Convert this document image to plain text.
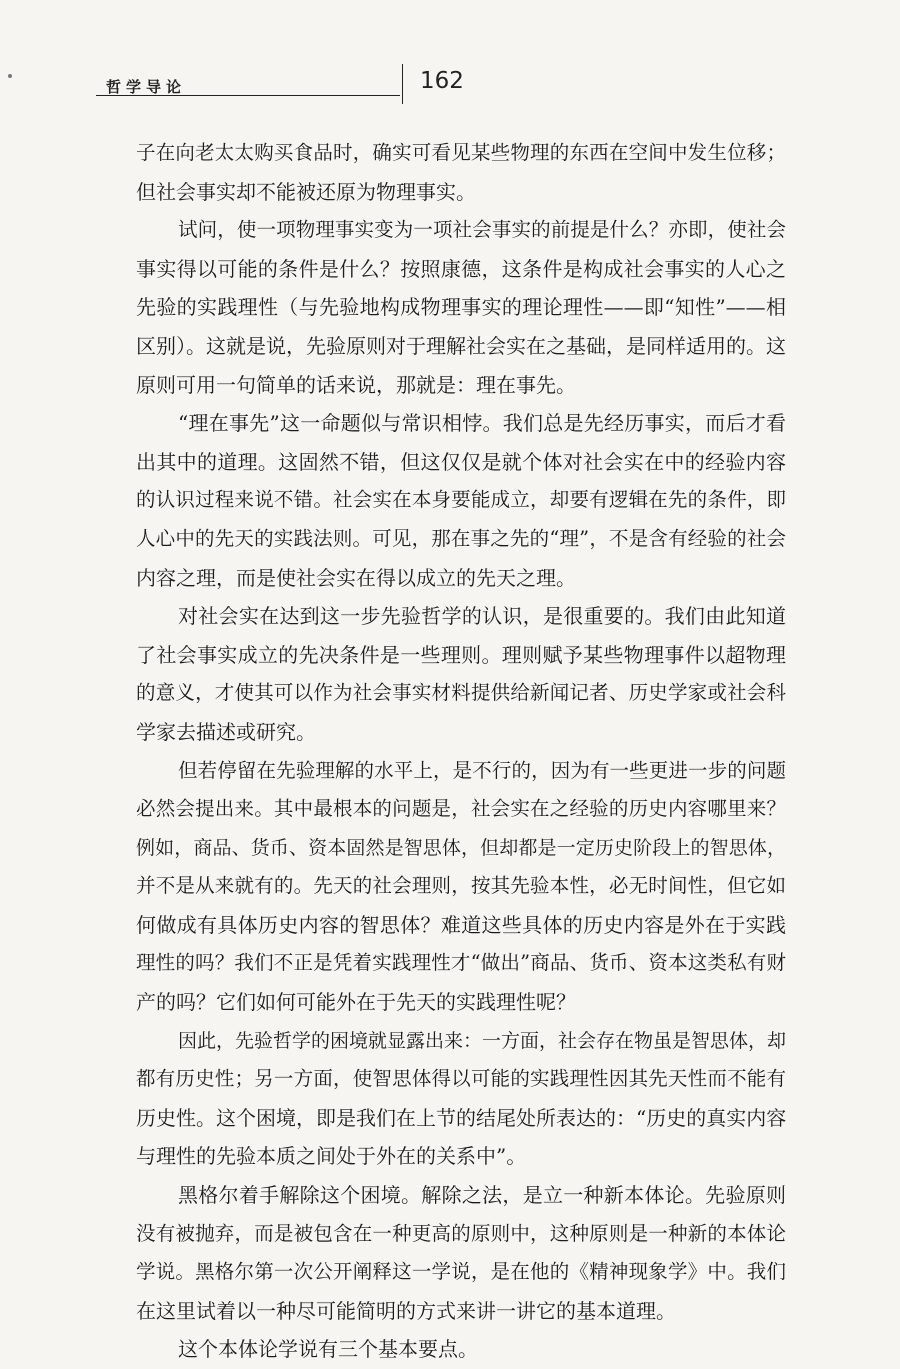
哲学导论	162
子在向老太太购买食品时，确实可看见某些物理的东西在空间中发生位移；
但社会事实却不能被还原为物理事实。
试问，使一项物理事实变为一项社会事实的前提是什么？亦即，使社会
事实得以可能的条件是什么？按照康德，这条件是构成社会事实的人心之
先验的实践理性（与先验地构成物理事实的理论理性——即“知性”——相
区别）。这就是说，先验原则对于理解社会实在之基础，是同样适用的。这
原则可用一句简单的话来说，那就是：理在事先。
“理在事先”这一命题似与常识相悖。我们总是先经历事实，而后才看
出其中的道理。这固然不错，但这仅仅是就个体对社会实在中的经验内容
的认识过程来说不错。社会实在本身要能成立，却要有逻辑在先的条件，即
人心中的先天的实践法则。可见，那在事之先的“理”，不是含有经验的社会
内容之理，而是使社会实在得以成立的先天之理。
对社会实在达到这一步先验哲学的认识，是很重要的。我们由此知道
了社会事实成立的先决条件是一些理则。理则赋予某些物理事件以超物理
的意义，才使其可以作为社会事实材料提供给新闻记者、历史学家或社会科
学家去描述或研究。
但若停留在先验理解的水平上，是不行的，因为有一些更进一步的问题
必然会提出来。其中最根本的问题是，社会实在之经验的历史内容哪里来？
例如，商品、货币、资本固然是智思体，但却都是一定历史阶段上的智思体，
并不是从来就有的。先天的社会理则，按其先验本性，必无时间性，但它如
何做成有具体历史内容的智思体？难道这些具体的历史内容是外在于实践
理性的吗？我们不正是凭着实践理性才“做出”商品、货币、资本这类私有财
产的吗？它们如何可能外在于先天的实践理性呢？
因此，先验哲学的困境就显露出来：一方面，社会存在物虽是智思体，却
都有历史性；另一方面，使智思体得以可能的实践理性因其先天性而不能有
历史性。这个困境，即是我们在上节的结尾处所表达的：“历史的真实内容
与理性的先验本质之间处于外在的关系中”。
黑格尔着手解除这个困境。解除之法，是立一种新本体论。先验原则
没有被抛弃，而是被包含在一种更高的原则中，这种原则是一种新的本体论
学说。黑格尔第一次公开阐释这一学说，是在他的《精神现象学》中。我们
在这里试着以一种尽可能简明的方式来讲一讲它的基本道理。
这个本体论学说有三个基本要点。
